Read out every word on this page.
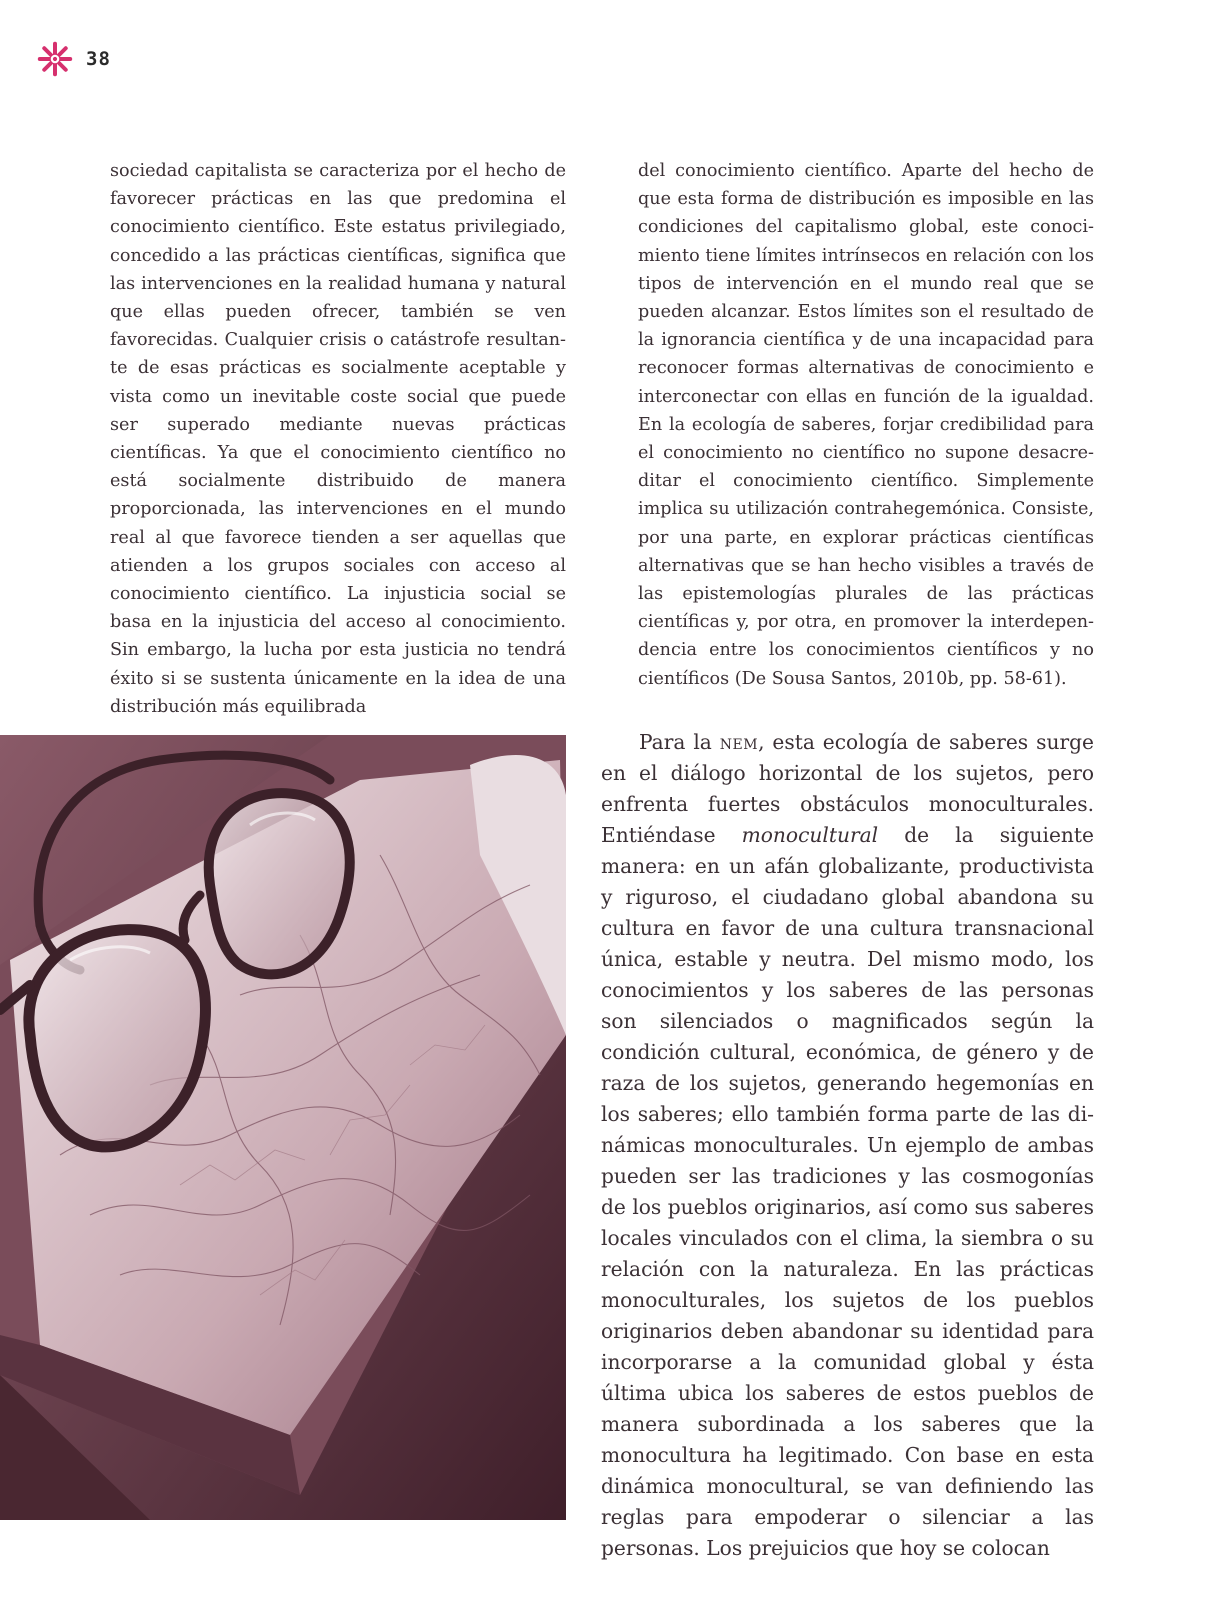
38

sociedad capitalista se caracteriza por el hecho de favorecer prácticas en las que predomina el conocimiento científico. Este estatus privilegiado, concedido a las prácticas científicas, significa que las intervenciones en la realidad humana y natural que ellas pueden ofrecer, también se ven favorecidas. Cualquier crisis o catástrofe resultante de esas prácticas es socialmente aceptable y vista como un inevitable coste social que puede ser superado mediante nuevas prácticas científicas. Ya que el conocimiento científico no está socialmente distribuido de manera proporcionada, las intervenciones en el mundo real al que favorece tienden a ser aquellas que atienden a los grupos sociales con acceso al conocimiento científico. La injusticia social se basa en la injusticia del acceso al conocimiento. Sin embargo, la lucha por esta justicia no tendrá éxito si se sustenta únicamente en la idea de una distribución más equilibrada

del conocimiento científico. Aparte del hecho de que esta forma de distribución es imposible en las condiciones del capitalismo global, este conocimiento tiene límites intrínsecos en relación con los tipos de intervención en el mundo real que se pueden alcanzar. Estos límites son el resultado de la ignorancia científica y de una incapacidad para reconocer formas alternativas de conocimiento e interconectar con ellas en función de la igualdad. En la ecología de saberes, forjar credibilidad para el conocimiento no científico no supone desacreditar el conocimiento científico. Simplemente implica su utilización contrahegemónica. Consiste, por una parte, en explorar prácticas científicas alternativas que se han hecho visibles a través de las epistemologías plurales de las prácticas científicas y, por otra, en promover la interdependencia entre los conocimientos científicos y no científicos (De Sousa Santos, 2010b, pp. 58-61).

Para la nem, esta ecología de saberes surge en el diálogo horizontal de los sujetos, pero enfrenta fuertes obstáculos monoculturales. Entiéndase monocultural de la siguiente manera: en un afán globalizante, productivista y riguroso, el ciudadano global abandona su cultura en favor de una cultura transnacional única, estable y neutra. Del mismo modo, los conocimientos y los saberes de las personas son silenciados o magnificados según la condición cultural, económica, de género y de raza de los sujetos, generando hegemonías en los saberes; ello también forma parte de las dinámicas monoculturales. Un ejemplo de ambas pueden ser las tradiciones y las cosmogonías de los pueblos originarios, así como sus saberes locales vinculados con el clima, la siembra o su relación con la naturaleza. En las prácticas monoculturales, los sujetos de los pueblos originarios deben abandonar su identidad para incorporarse a la comunidad global y ésta última ubica los saberes de estos pueblos de manera subordinada a los saberes que la monocultura ha legitimado. Con base en esta dinámica monocultural, se van definiendo las reglas para empoderar o silenciar a las personas. Los prejuicios que hoy se colocan
